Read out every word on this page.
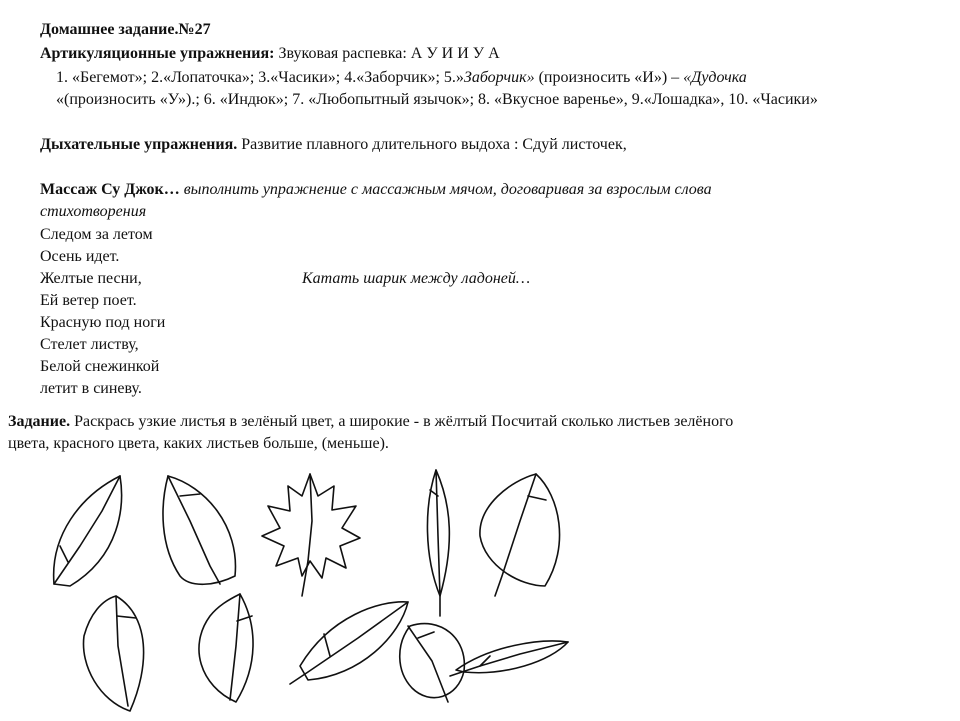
Домашнее задание.№27
Артикуляционные упражнения: Звуковая распевка: А У И И У А
1. «Бегемот»; 2.«Лопаточка»; 3.«Часики»; 4.«Заборчик»; 5.»Заборчик» (произносить «И») – «Дудочка
«(произносить «У»).; 6. «Индюк»; 7. «Любопытный язычок»; 8. «Вкусное варенье», 9.«Лошадка», 10. «Часики»
Дыхательные упражнения. Развитие плавного длительного выдоха : Сдуй листочек,
Массаж Су Джок… выполнить упражнение с массажным мячом, договаривая за взрослым слова
стихотворения
Следом за летом
Осень идет.
Желтые песни,	Катать шарик между ладоней…
Ей ветер поет.
Красную под ноги
Стелет листву,
Белой снежинкой
летит в синеву.
Задание. Раскрась узкие листья в зелёный цвет, а широкие - в жёлтый Посчитай сколько листьев зелёного
цвета, красного цвета, каких листьев больше, (меньше).
